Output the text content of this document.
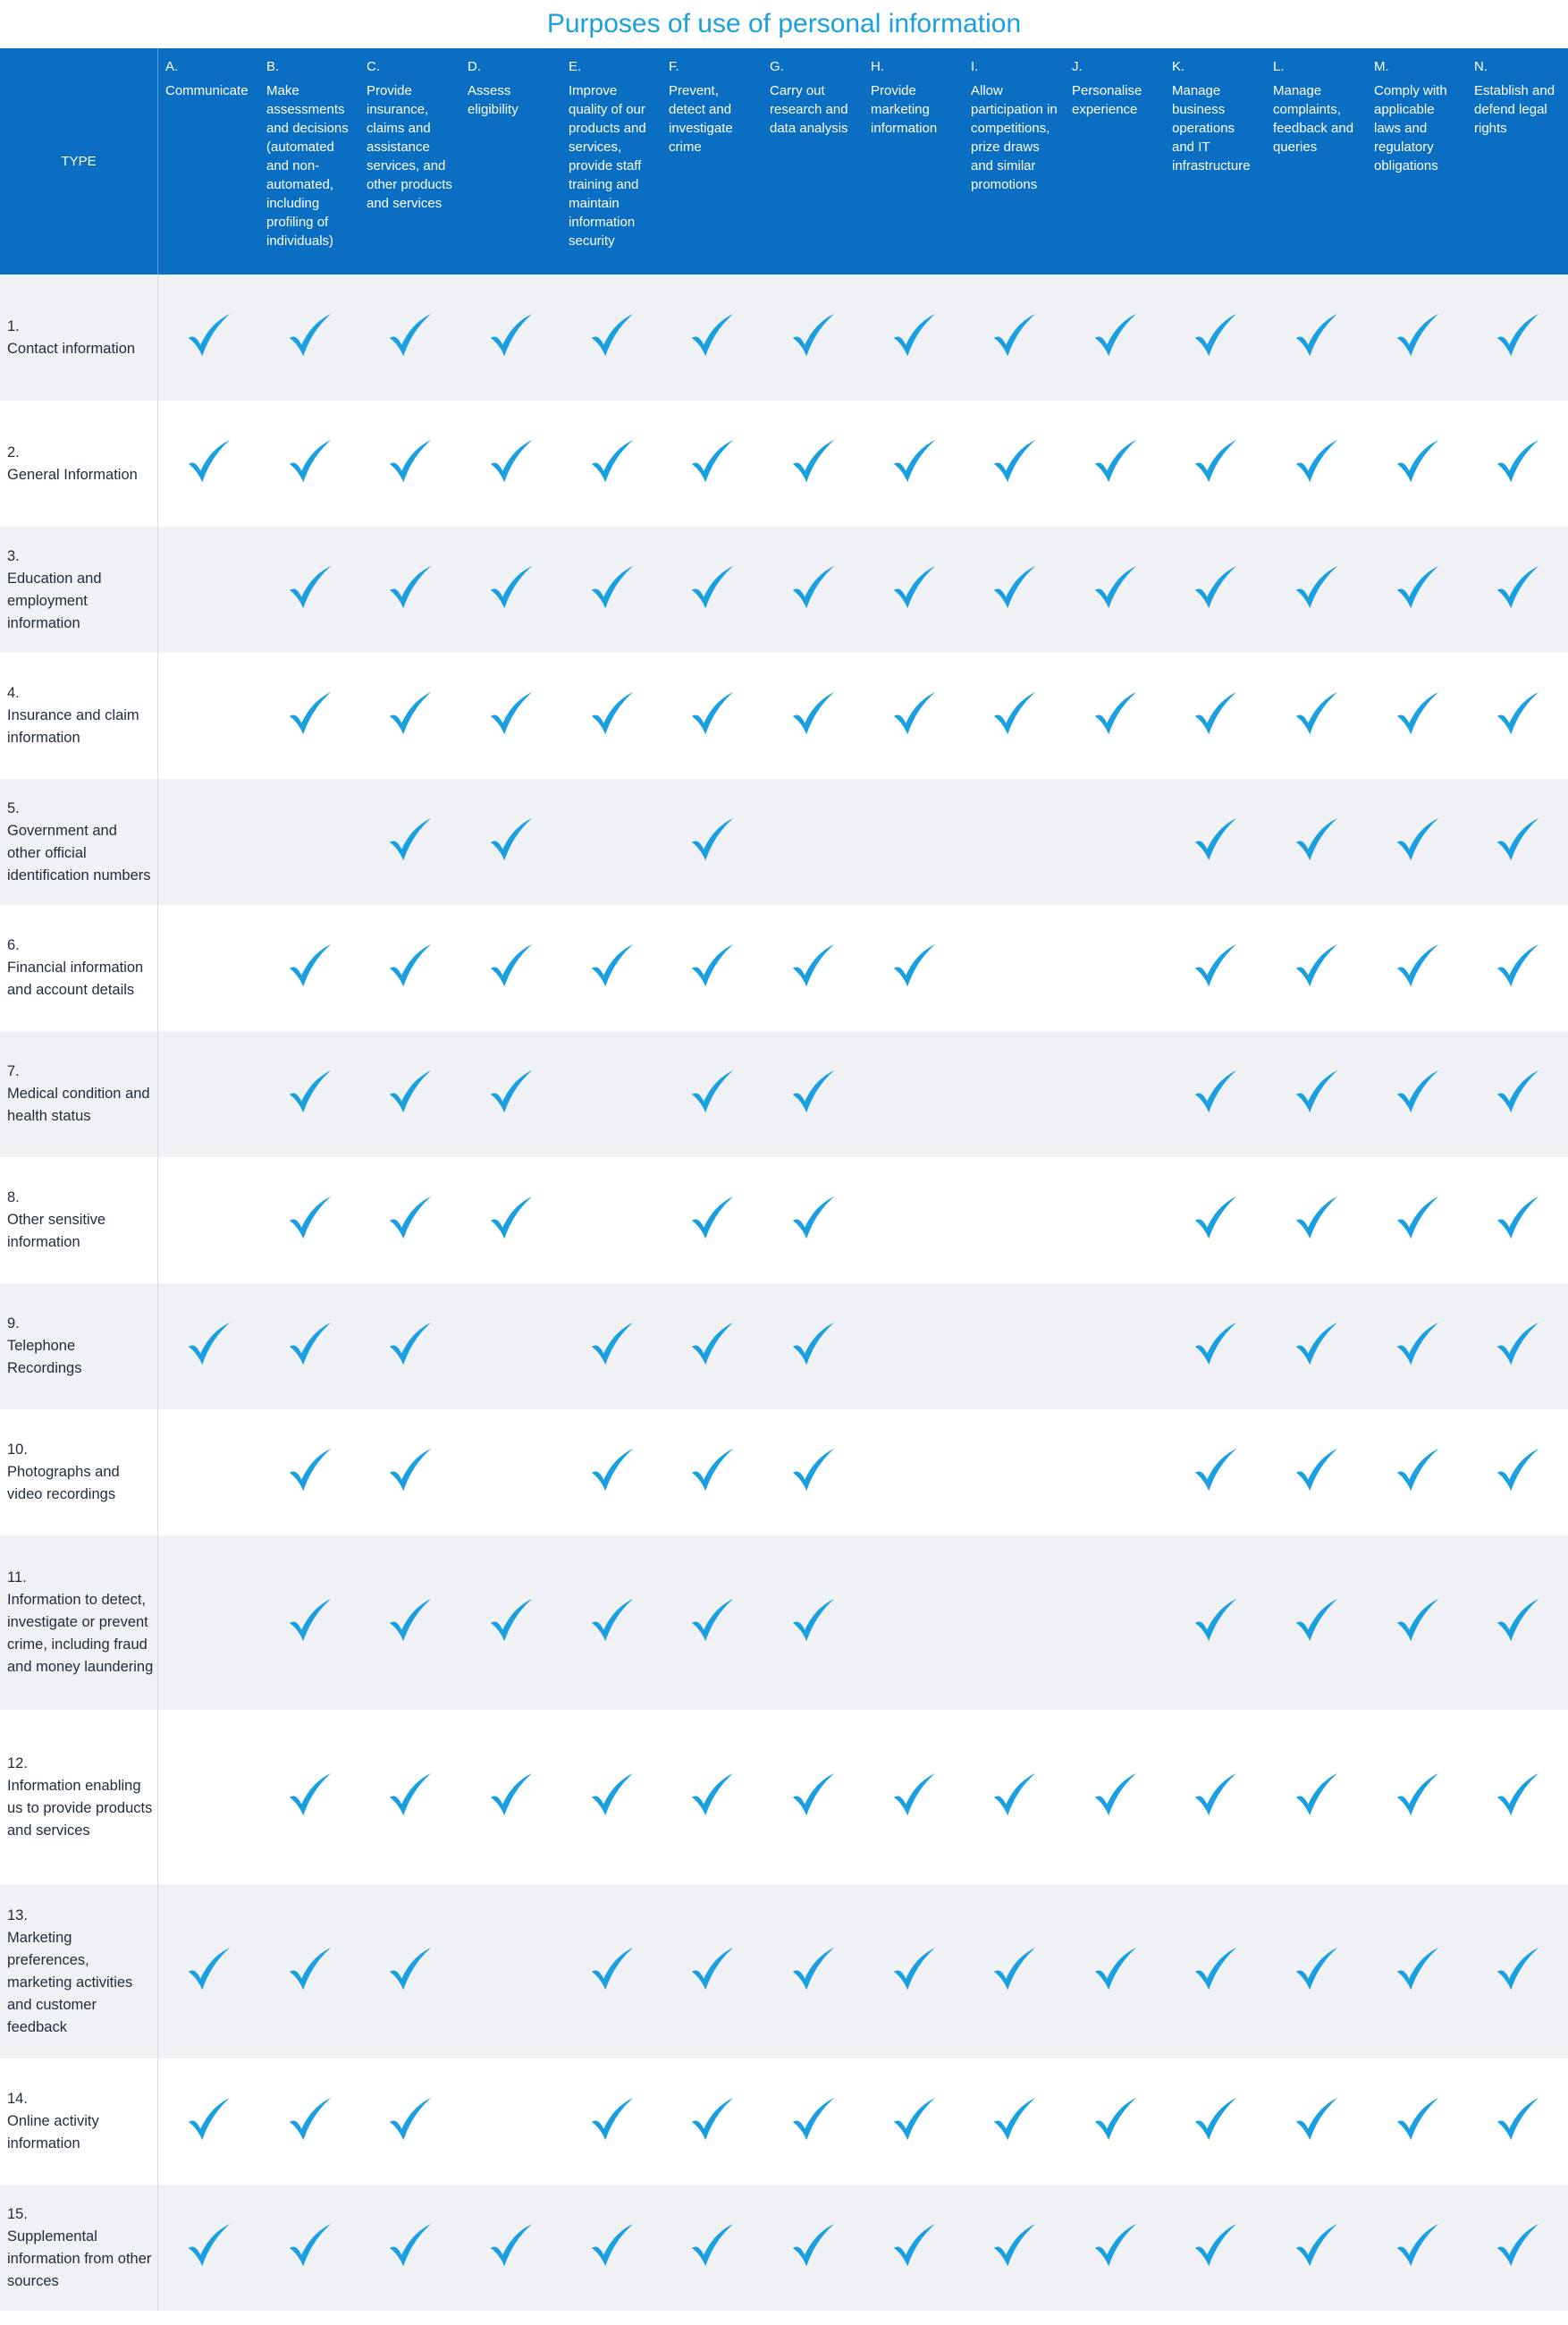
Purposes of use of personal information
TYPE
A.
Communicate
B.
Make assessments and decisions (automated and non-automated, including profiling of individuals)
C.
Provide insurance, claims and assistance services, and other products and services
D.
Assess eligibility
E.
Improve quality of our products and services, provide staff training and maintain information security
F.
Prevent, detect and investigate crime
G.
Carry out research and data analysis
H.
Provide marketing information
I.
Allow participation in competitions, prize draws and similar promotions
J.
Personalise experience
K.
Manage business operations and IT infrastructure
L.
Manage complaints, feedback and queries
M.
Comply with applicable laws and regulatory obligations
N.
Establish and defend legal rights
1.
Contact information
2.
General Information
3.
Education and employment information
4.
Insurance and claim information
5.
Government and other official identification numbers
6.
Financial information and account details
7.
Medical condition and health status
8.
Other sensitive information
9.
Telephone Recordings
10.
Photographs and video recordings
11.
Information to detect, investigate or prevent crime, including fraud and money laundering
12.
Information enabling us to provide products and services
13.
Marketing preferences, marketing activities and customer feedback
14.
Online activity information
15.
Supplemental information from other sources
